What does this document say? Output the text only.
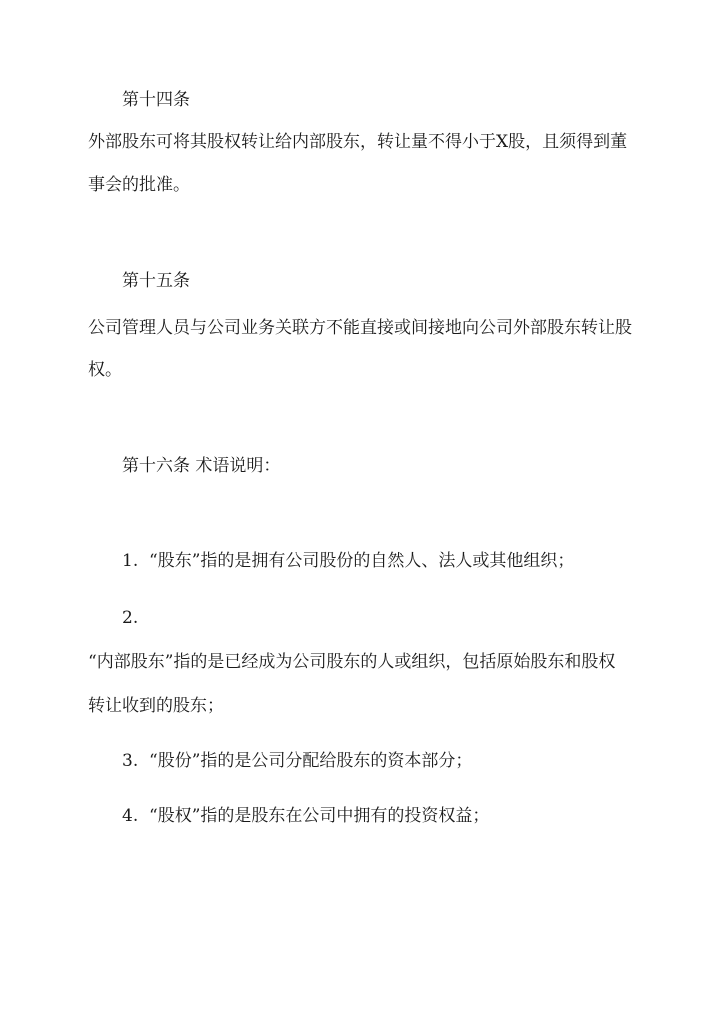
第十四条
外部股东可将其股权转让给内部股东，转让量不得小于X股，且须得到董
事会的批准。
第十五条
公司管理人员与公司业务关联方不能直接或间接地向公司外部股东转让股
权。
第十六条 术语说明：
1. “股东”指的是拥有公司股份的自然人、法人或其他组织；
2.
“内部股东”指的是已经成为公司股东的人或组织，包括原始股东和股权
转让收到的股东；
3. “股份”指的是公司分配给股东的资本部分；
4. “股权”指的是股东在公司中拥有的投资权益；
